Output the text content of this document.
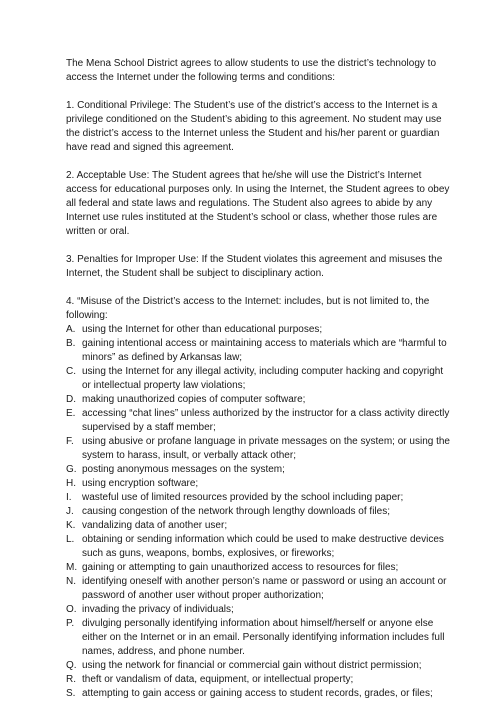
The Mena School District agrees to allow students to use the district’s technology to access the Internet under the following terms and conditions:

1. Conditional Privilege: The Student’s use of the district’s access to the Internet is a privilege conditioned on the Student’s abiding to this agreement. No student may use the district’s access to the Internet unless the Student and his/her parent or guardian have read and signed this agreement.

2. Acceptable Use: The Student agrees that he/she will use the District’s Internet access for educational purposes only. In using the Internet, the Student agrees to obey all federal and state laws and regulations. The Student also agrees to abide by any Internet use rules instituted at the Student’s school or class, whether those rules are written or oral.

3. Penalties for Improper Use: If the Student violates this agreement and misuses the Internet, the Student shall be subject to disciplinary action.

4. “Misuse of the District’s access to the Internet: includes, but is not limited to, the following:

A. using the Internet for other than educational purposes;
B. gaining intentional access or maintaining access to materials which are “harmful to minors” as defined by Arkansas law;
C. using the Internet for any illegal activity, including computer hacking and copyright or intellectual property law violations;
D. making unauthorized copies of computer software;
E. accessing “chat lines” unless authorized by the instructor for a class activity directly supervised by a staff member;
F. using abusive or profane language in private messages on the system; or using the system to harass, insult, or verbally attack other;
G. posting anonymous messages on the system;
H. using encryption software;
I.	wasteful use of limited resources provided by the school including paper;
J. causing congestion of the network through lengthy downloads of files;
K. vandalizing data of another user;
L. obtaining or sending information which could be used to make destructive devices such as guns, weapons, bombs, explosives, or fireworks;
M. gaining or attempting to gain unauthorized access to resources for files;
N. identifying oneself with another person’s name or password or using an account or password of another user without proper authorization;
O. invading the privacy of individuals;
P. divulging personally identifying information about himself/herself or anyone else either on the Internet or in an email. Personally identifying information includes full names, address, and phone number.
Q. using the network for financial or commercial gain without district permission;
R. theft or vandalism of data, equipment, or intellectual property;
S. attempting to gain access or gaining access to student records, grades, or files;
